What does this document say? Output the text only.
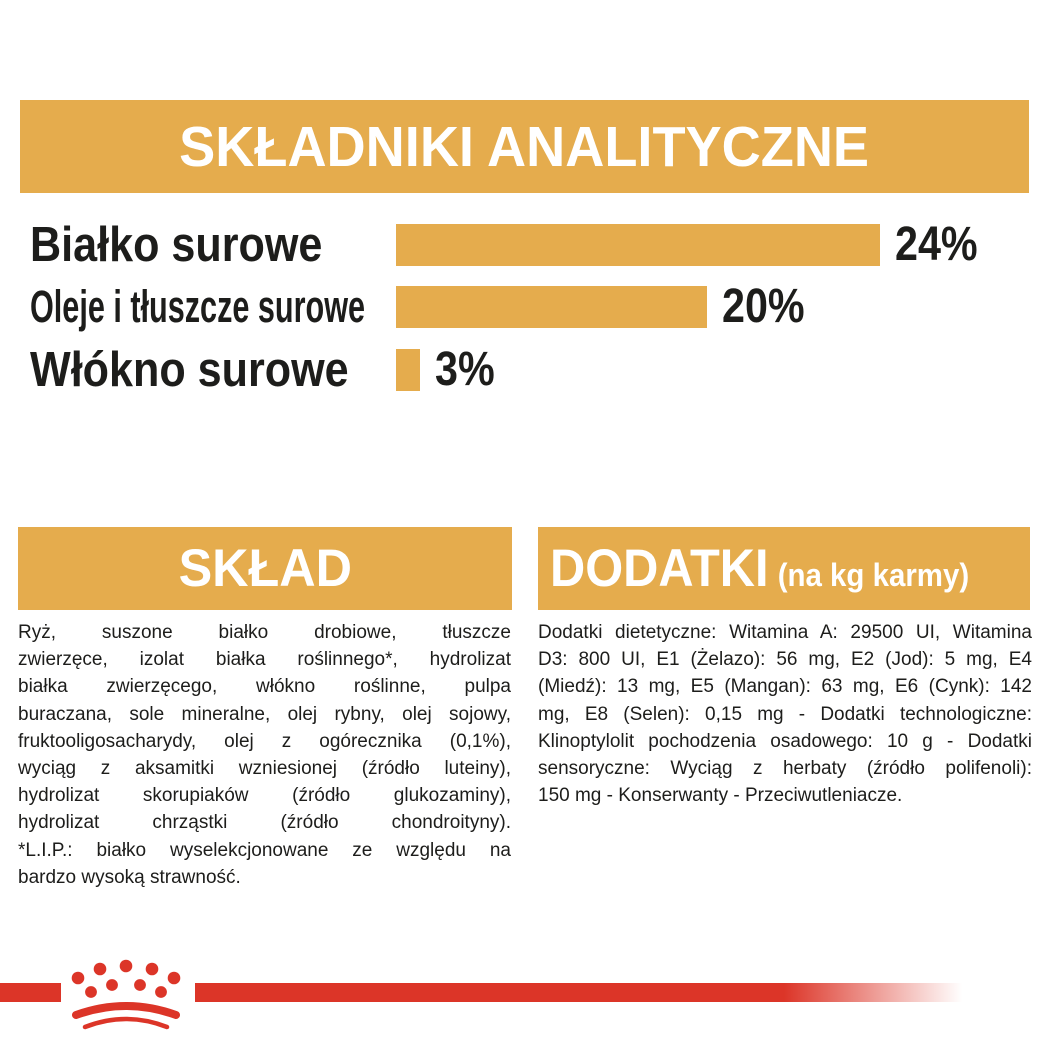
SKŁADNIKI ANALITYCZNE
Białko surowe	24%
Oleje i tłuszcze surowe	20%
Włókno surowe 3%
SKŁAD
Ryż, suszone białko drobiowe, tłuszcze
zwierzęce, izolat białka roślinnego*, hydrolizat
białka zwierzęcego, włókno roślinne, pulpa
buraczana, sole mineralne, olej rybny, olej sojowy,
fruktooligosacharydy, olej z ogórecznika (0,1%),
wyciąg z aksamitki wzniesionej (źródło luteiny),
hydrolizat skorupiaków (źródło glukozaminy),
hydrolizat chrząstki (źródło chondroityny).
*L.I.P.: białko wyselekcjonowane ze względu na
bardzo wysoką strawność.
DODATKI (na kg karmy)
Dodatki dietetyczne: Witamina A: 29500 UI, Witamina
D3: 800 UI, E1 (Żelazo): 56 mg, E2 (Jod): 5 mg, E4
(Miedź): 13 mg, E5 (Mangan): 63 mg, E6 (Cynk): 142
mg, E8 (Selen): 0,15 mg - Dodatki technologiczne:
Klinoptylolit pochodzenia osadowego: 10 g - Dodatki
sensoryczne: Wyciąg z herbaty (źródło polifenoli):
150 mg - Konserwanty - Przeciwutleniacze.
